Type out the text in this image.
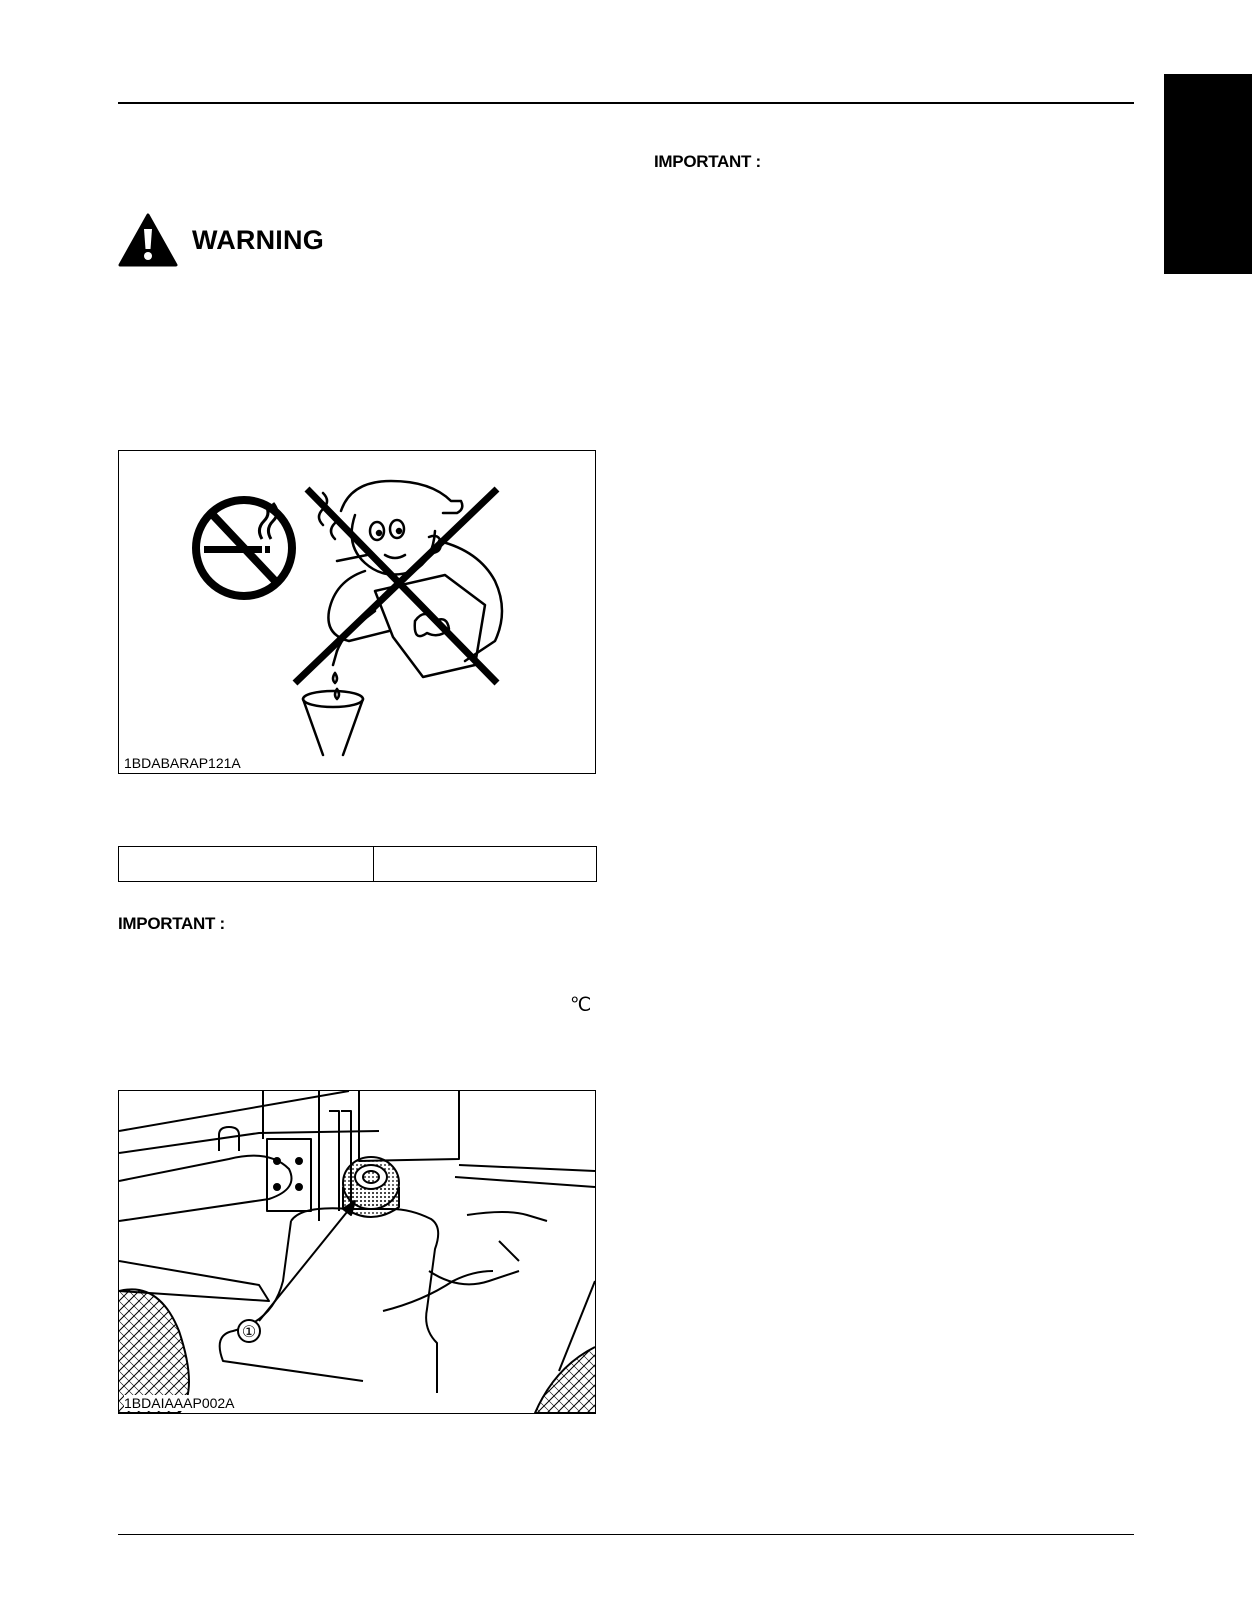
IMPORTANT :
WARNING
1BDABARAP121A

IMPORTANT :
℃
①
1BDAIAAAP002A
